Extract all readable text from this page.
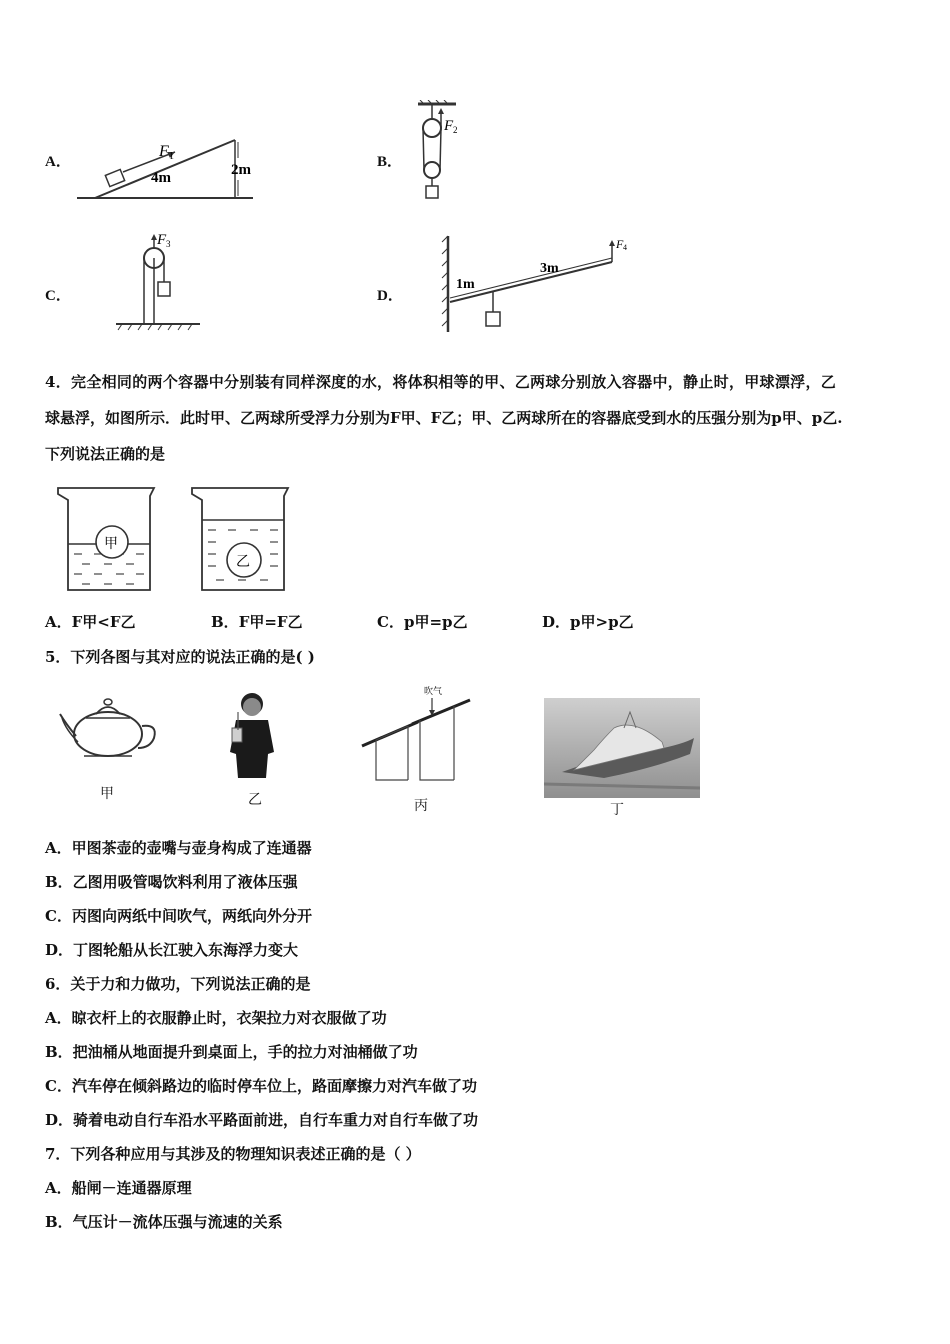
A．
F 1
4m	2m	B．
F 2
C．
F 3
D．
1m
3m
F 4
4．完全相同的两个容器中分别装有同样深度的水，将体积相等的甲、乙两球分别放入容器中，静止时，甲球漂浮，乙
球悬浮，如图所示．此时甲、乙两球所受浮力分别为F甲、F乙；甲、乙两球所在的容器底受到水的压强分别为p甲、p乙.
下列说法正确的是
甲
乙
A．F甲<F乙	B．F甲=F乙	C．p甲=p乙	D．p甲>p乙
5．下列各图与其对应的说法正确的是( )
甲	乙
吹气
丙	丁
A．甲图茶壶的壶嘴与壶身构成了连通器
B．乙图用吸管喝饮料利用了液体压强
C．丙图向两纸中间吹气，两纸向外分开
D．丁图轮船从长江驶入东海浮力变大
6．关于力和力做功，下列说法正确的是
A．晾衣杆上的衣服静止时，衣架拉力对衣服做了功
B．把油桶从地面提升到桌面上，手的拉力对油桶做了功
C．汽车停在倾斜路边的临时停车位上，路面摩擦力对汽车做了功
D．骑着电动自行车沿水平路面前进，自行车重力对自行车做了功
7．下列各种应用与其涉及的物理知识表述正确的是（ ）
A．船闸－连通器原理
B．气压计－流体压强与流速的关系
